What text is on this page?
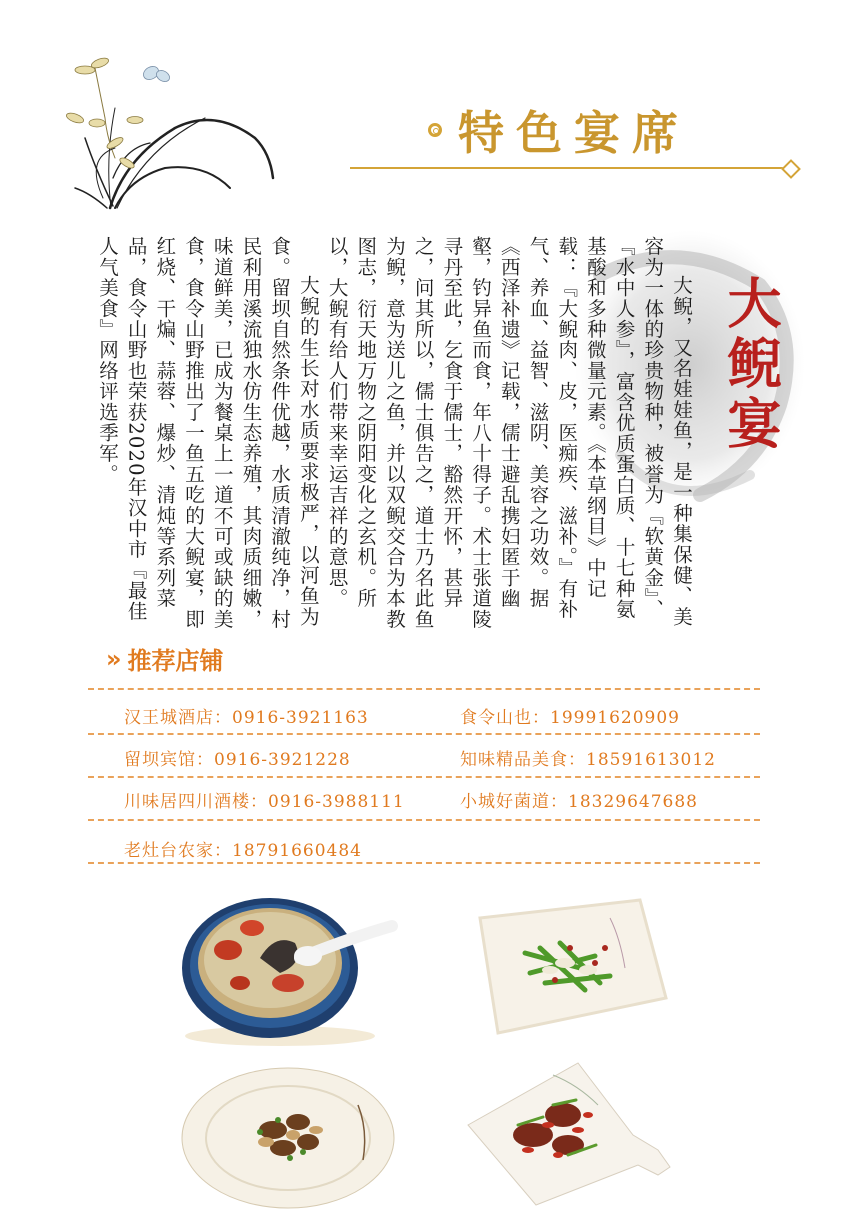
特色宴席
大鲵宴

大鲵，又名娃娃鱼，是一种集保健、美容为一体的珍贵物种，被誉为『软黄金』、『水中人参』，富含优质蛋白质、十七种氨基酸和多种微量元素。《本草纲目》中记载：『大鲵肉、皮，医痴疾、滋补。』有补气、养血、益智、滋阴、美容之功效。据《西泽补遗》记载，儒士避乱携妇匿于幽壑，钓异鱼而食，年八十得子。术士张道陵寻丹至此，乞食于儒士，豁然开怀，甚异之，问其所以，儒士俱告之，道士乃名此鱼为鲵，意为送儿之鱼，并以双鲵交合为本教图志，衍天地万物之阴阳变化之玄机。所以，大鲵有给人们带来幸运吉祥的意思。

大鲵的生长对水质要求极严，以河鱼为食。留坝自然条件优越，水质清澈纯净，村民利用溪流独水仿生态养殖，其肉质细嫩，味道鲜美，已成为餐桌上一道不可或缺的美食，食令山野推出了一鱼五吃的大鲵宴，即红烧、干煸、蒜蓉、爆炒、清炖等系列菜品，食令山野也荣获2020年汉中市『最佳人气美食』网络评选季军。

» 推荐店铺
汉王城酒店：0916-3921163	食令山也：19991620909
留坝宾馆：0916-3921228	知味精品美食：18591613012
川味居四川酒楼：0916-3988111	小城好菌道：18329647688
老灶台农家：18791660484
